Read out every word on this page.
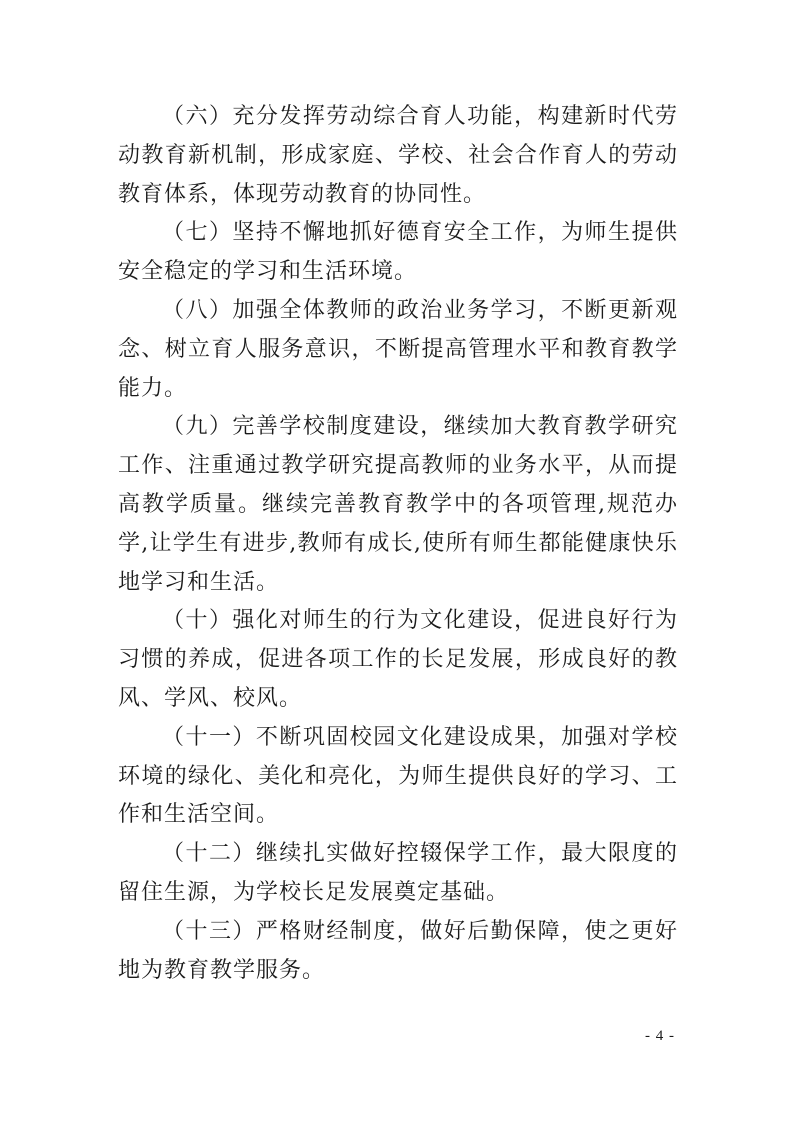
（六）充分发挥劳动综合育人功能，构建新时代劳动教育新机制，形成家庭、学校、社会合作育人的劳动教育体系，体现劳动教育的协同性。

（七）坚持不懈地抓好德育安全工作，为师生提供安全稳定的学习和生活环境。

（八）加强全体教师的政治业务学习，不断更新观念、树立育人服务意识，不断提高管理水平和教育教学能力。

（九）完善学校制度建设，继续加大教育教学研究工作、注重通过教学研究提高教师的业务水平，从而提高教学质量。继续完善教育教学中的各项管理,规范办学,让学生有进步,教师有成长,使所有师生都能健康快乐地学习和生活。

（十）强化对师生的行为文化建设，促进良好行为习惯的养成，促进各项工作的长足发展，形成良好的教风、学风、校风。

（十一）不断巩固校园文化建设成果，加强对学校环境的绿化、美化和亮化，为师生提供良好的学习、工作和生活空间。

（十二）继续扎实做好控辍保学工作，最大限度的留住生源，为学校长足发展奠定基础。

（十三）严格财经制度，做好后勤保障，使之更好地为教育教学服务。

- 4 -
